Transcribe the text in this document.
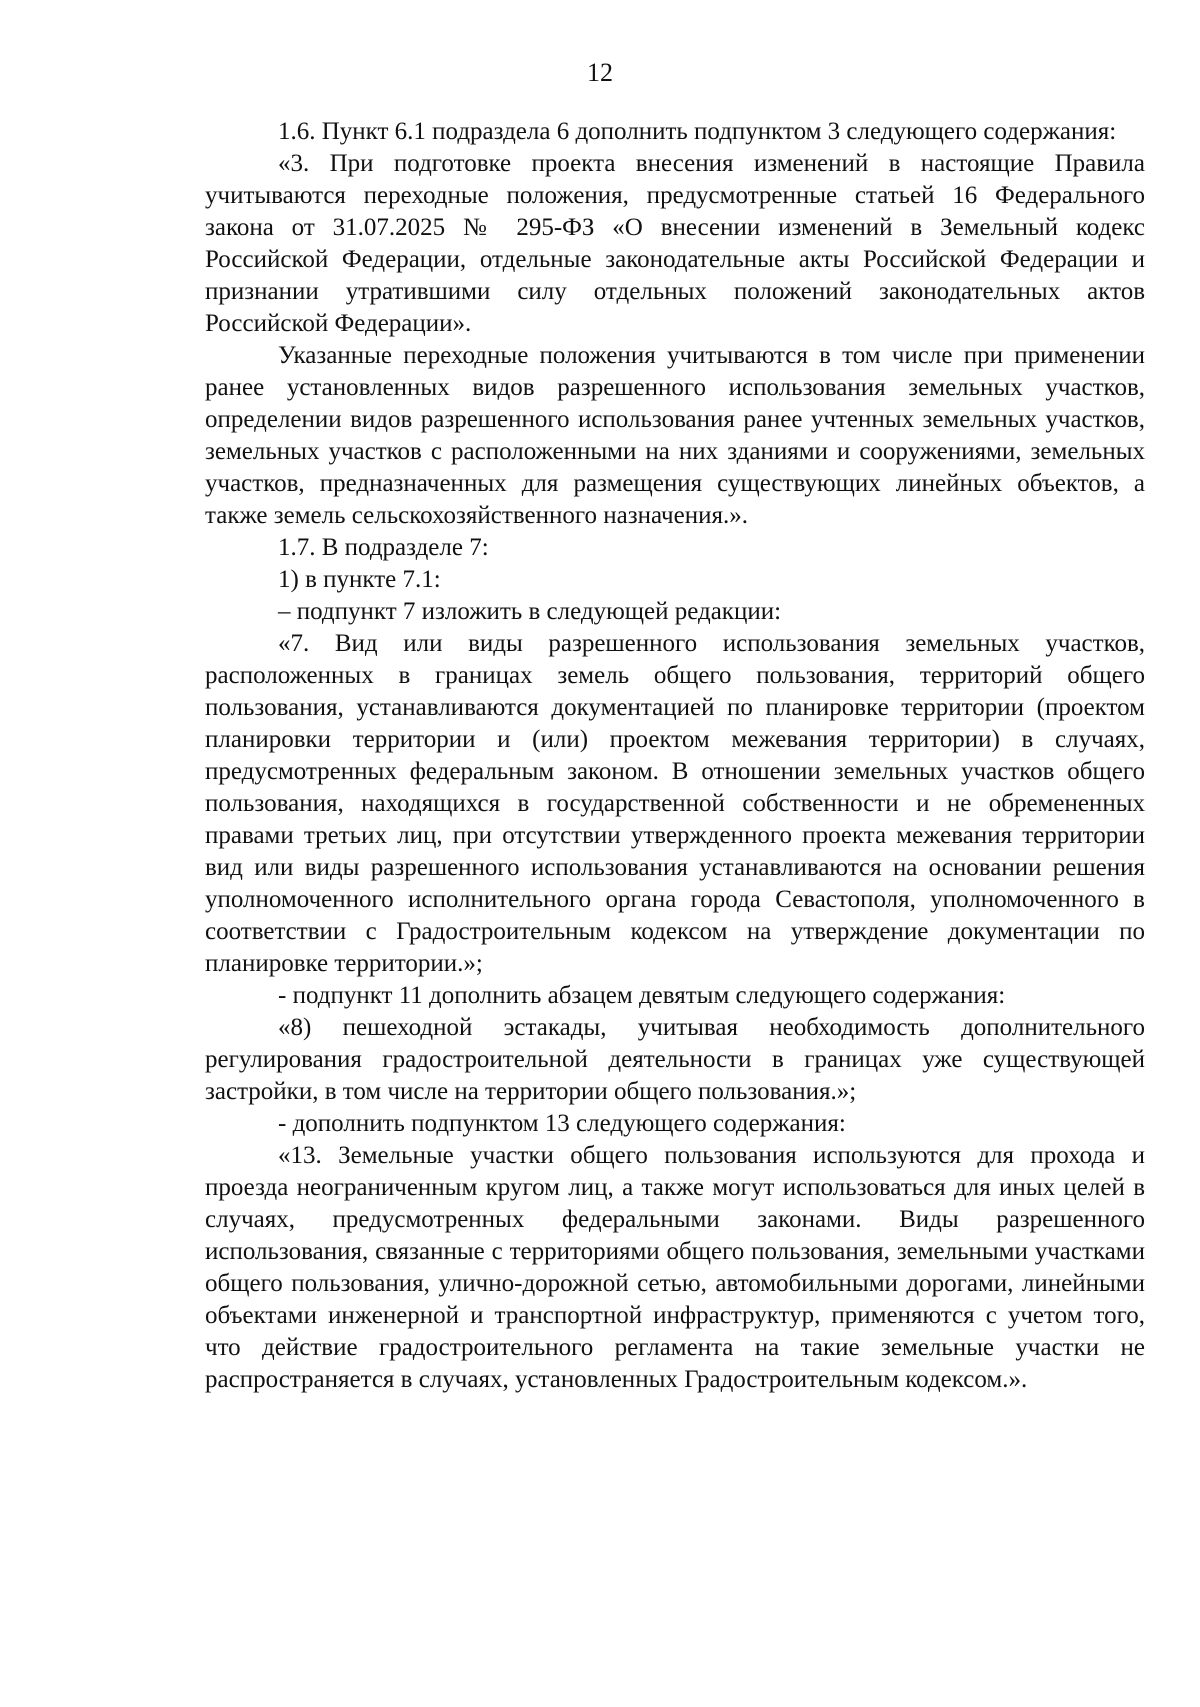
12

1.6. Пункт 6.1 подраздела 6 дополнить подпунктом 3 следующего содержания:

«3. При подготовке проекта внесения изменений в настоящие Правила учитываются переходные положения, предусмотренные статьей 16 Федерального закона от 31.07.2025 № 295-ФЗ «О внесении изменений в Земельный кодекс Российской Федерации, отдельные законодательные акты Российской Федерации и признании утратившими силу отдельных положений законодательных актов Российской Федерации».

Указанные переходные положения учитываются в том числе при применении ранее установленных видов разрешенного использования земельных участков, определении видов разрешенного использования ранее учтенных земельных участков, земельных участков с расположенными на них зданиями и сооружениями, земельных участков, предназначенных для размещения существующих линейных объектов, а также земель сельскохозяйственного назначения.».

1.7. В подразделе 7:

1) в пункте 7.1:

– подпункт 7 изложить в следующей редакции:

«7. Вид или виды разрешенного использования земельных участков, расположенных в границах земель общего пользования, территорий общего пользования, устанавливаются документацией по планировке территории (проектом планировки территории и (или) проектом межевания территории) в случаях, предусмотренных федеральным законом. В отношении земельных участков общего пользования, находящихся в государственной собственности и не обремененных правами третьих лиц, при отсутствии утвержденного проекта межевания территории вид или виды разрешенного использования устанавливаются на основании решения уполномоченного исполнительного органа города Севастополя, уполномоченного в соответствии с Градостроительным кодексом на утверждение документации по планировке территории.»;

- подпункт 11 дополнить абзацем девятым следующего содержания:

«8) пешеходной эстакады, учитывая необходимость дополнительного регулирования градостроительной деятельности в границах уже существующей застройки, в том числе на территории общего пользования.»;

- дополнить подпунктом 13 следующего содержания:

«13. Земельные участки общего пользования используются для прохода и проезда неограниченным кругом лиц, а также могут использоваться для иных целей в случаях, предусмотренных федеральными законами. Виды разрешенного использования, связанные с территориями общего пользования, земельными участками общего пользования, улично-дорожной сетью, автомобильными дорогами, линейными объектами инженерной и транспортной инфраструктур, применяются с учетом того, что действие градостроительного регламента на такие земельные участки не распространяется в случаях, установленных Градостроительным кодексом.».
